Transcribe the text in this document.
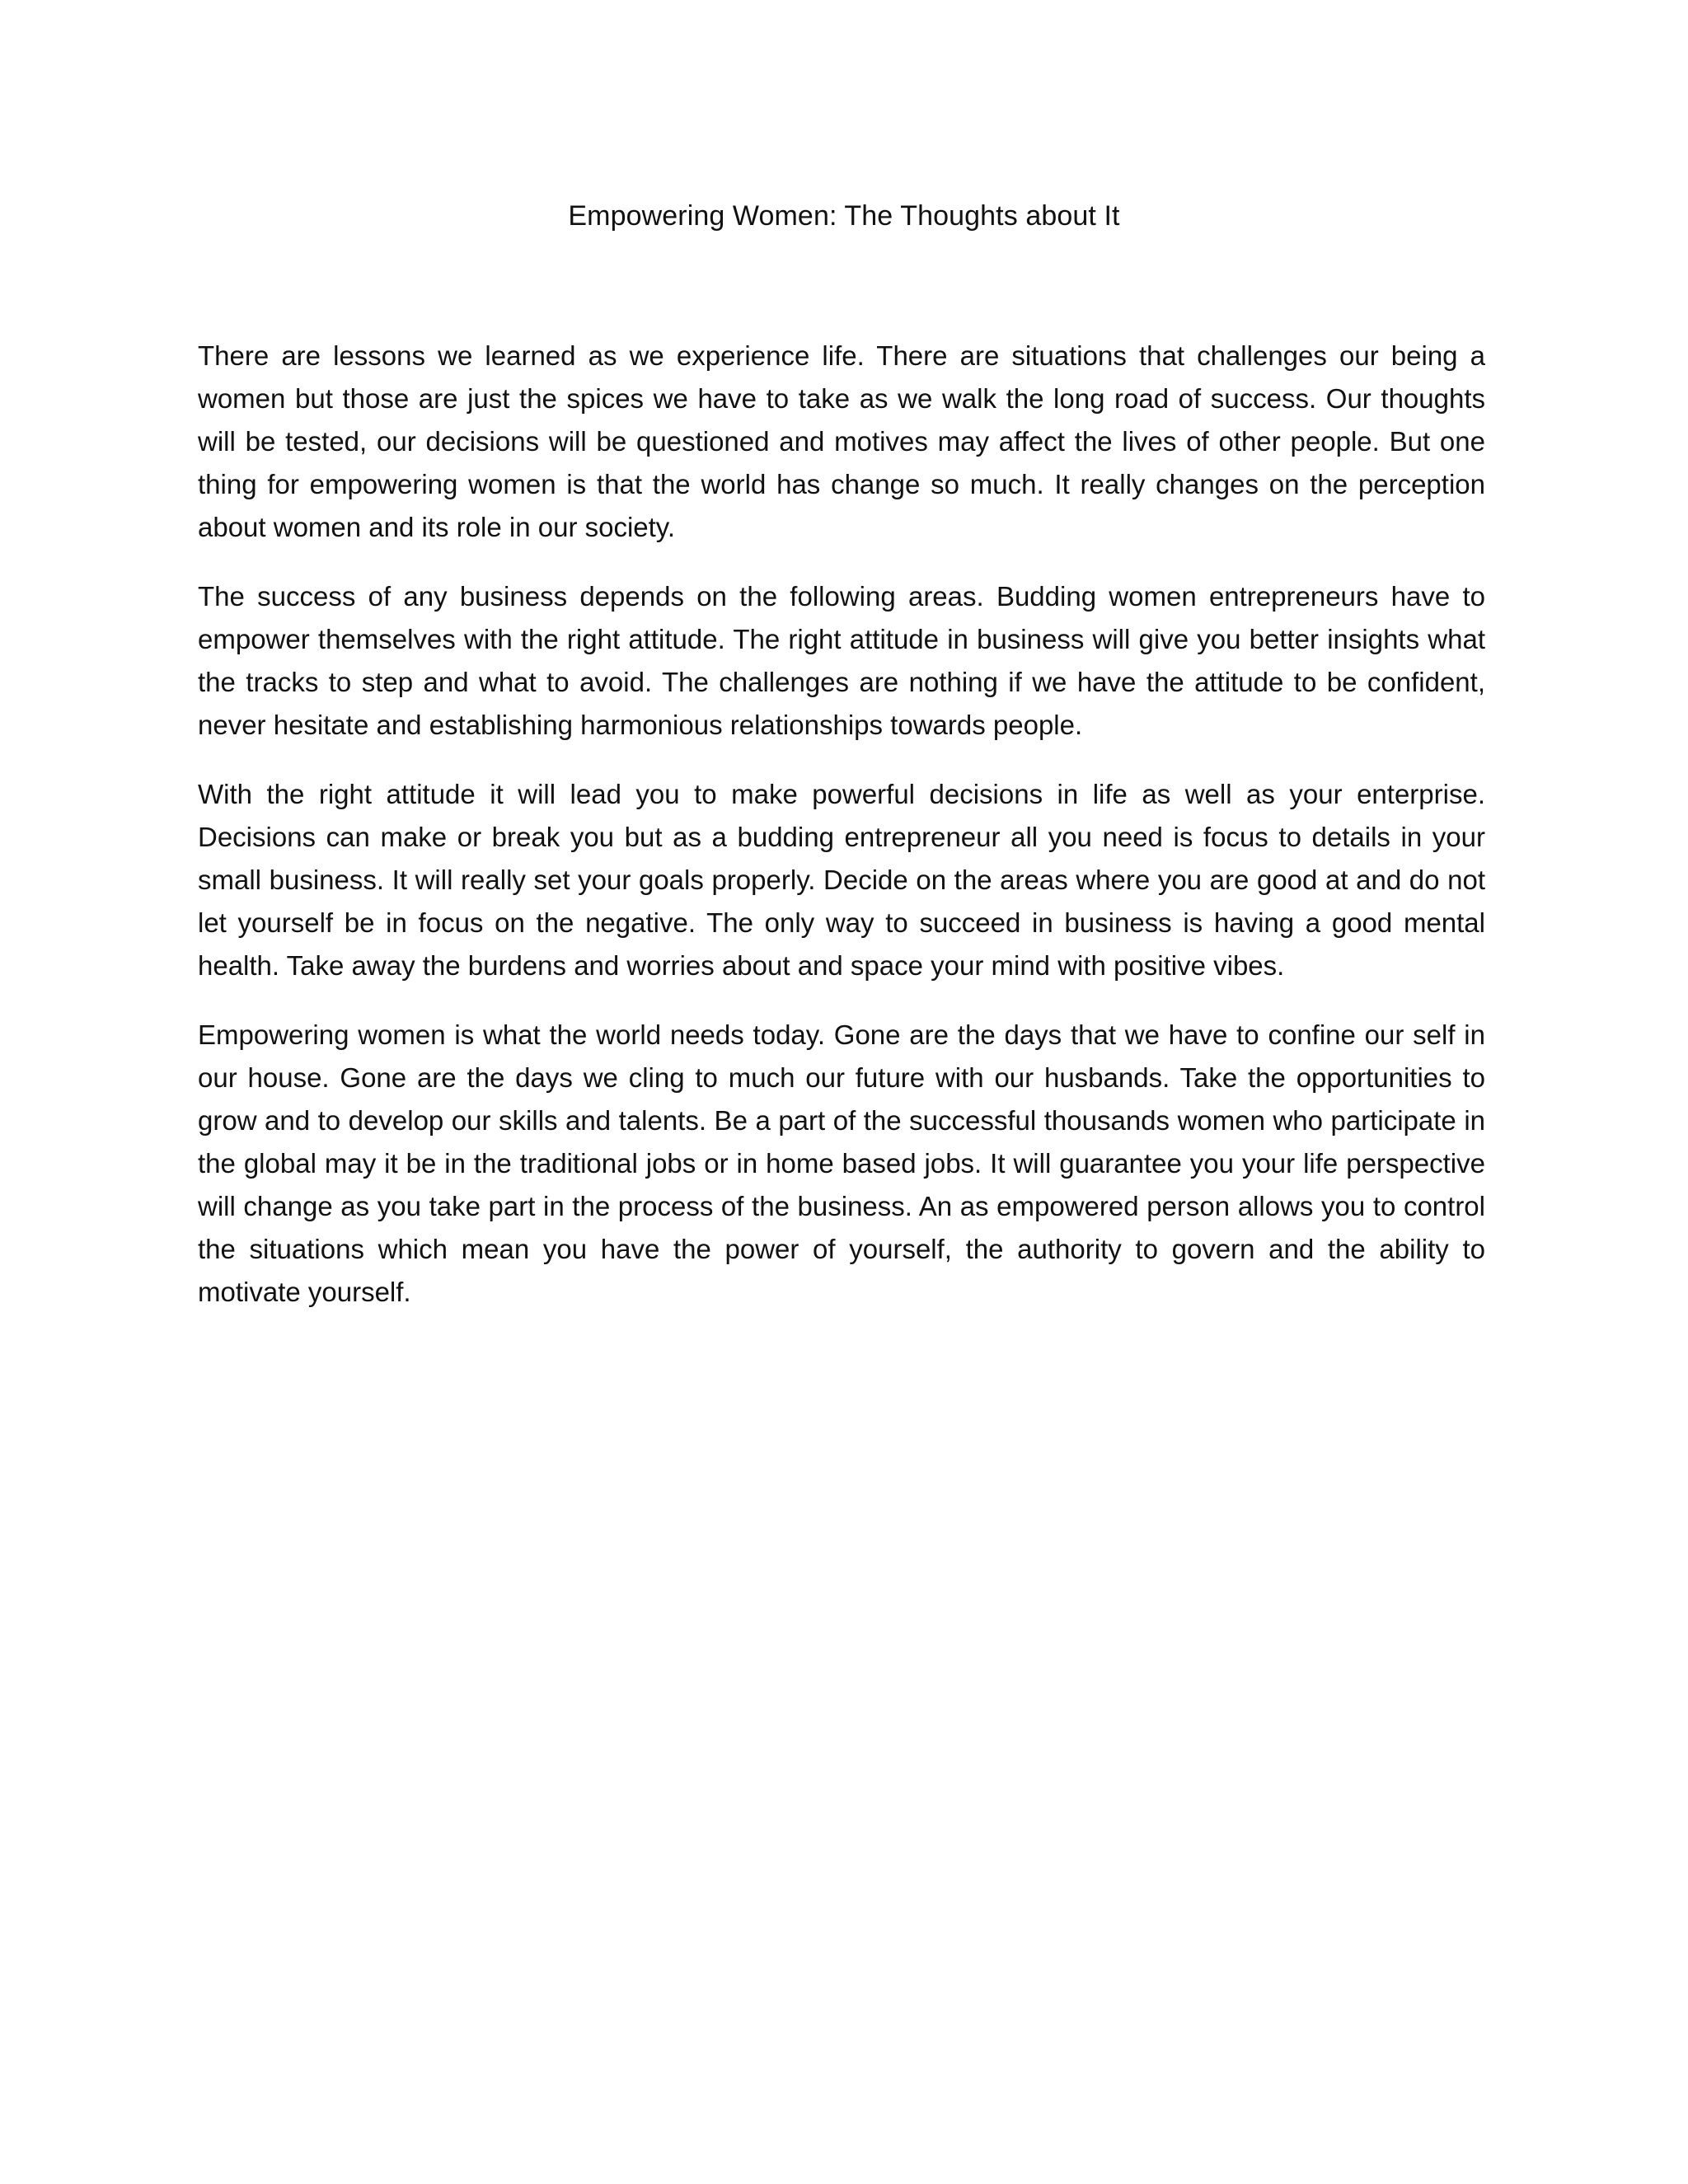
Empowering Women: The Thoughts about It

There are lessons we learned as we experience life. There are situations that challenges our being a women but those are just the spices we have to take as we walk the long road of success. Our thoughts will be tested, our decisions will be questioned and motives may affect the lives of other people. But one thing for empowering women is that the world has change so much. It really changes on the perception about women and its role in our society.

The success of any business depends on the following areas. Budding women entrepreneurs have to empower themselves with the right attitude. The right attitude in business will give you better insights what the tracks to step and what to avoid. The challenges are nothing if we have the attitude to be confident, never hesitate and establishing harmonious relationships towards people.

With the right attitude it will lead you to make powerful decisions in life as well as your enterprise. Decisions can make or break you but as a budding entrepreneur all you need is focus to details in your small business. It will really set your goals properly. Decide on the areas where you are good at and do not let yourself be in focus on the negative. The only way to succeed in business is having a good mental health. Take away the burdens and worries about and space your mind with positive vibes.

Empowering women is what the world needs today. Gone are the days that we have to confine our self in our house. Gone are the days we cling to much our future with our husbands. Take the opportunities to grow and to develop our skills and talents. Be a part of the successful thousands women who participate in the global may it be in the traditional jobs or in home based jobs. It will guarantee you your life perspective will change as you take part in the process of the business. An as empowered person allows you to control the situations which mean you have the power of yourself, the authority to govern and the ability to motivate yourself.
